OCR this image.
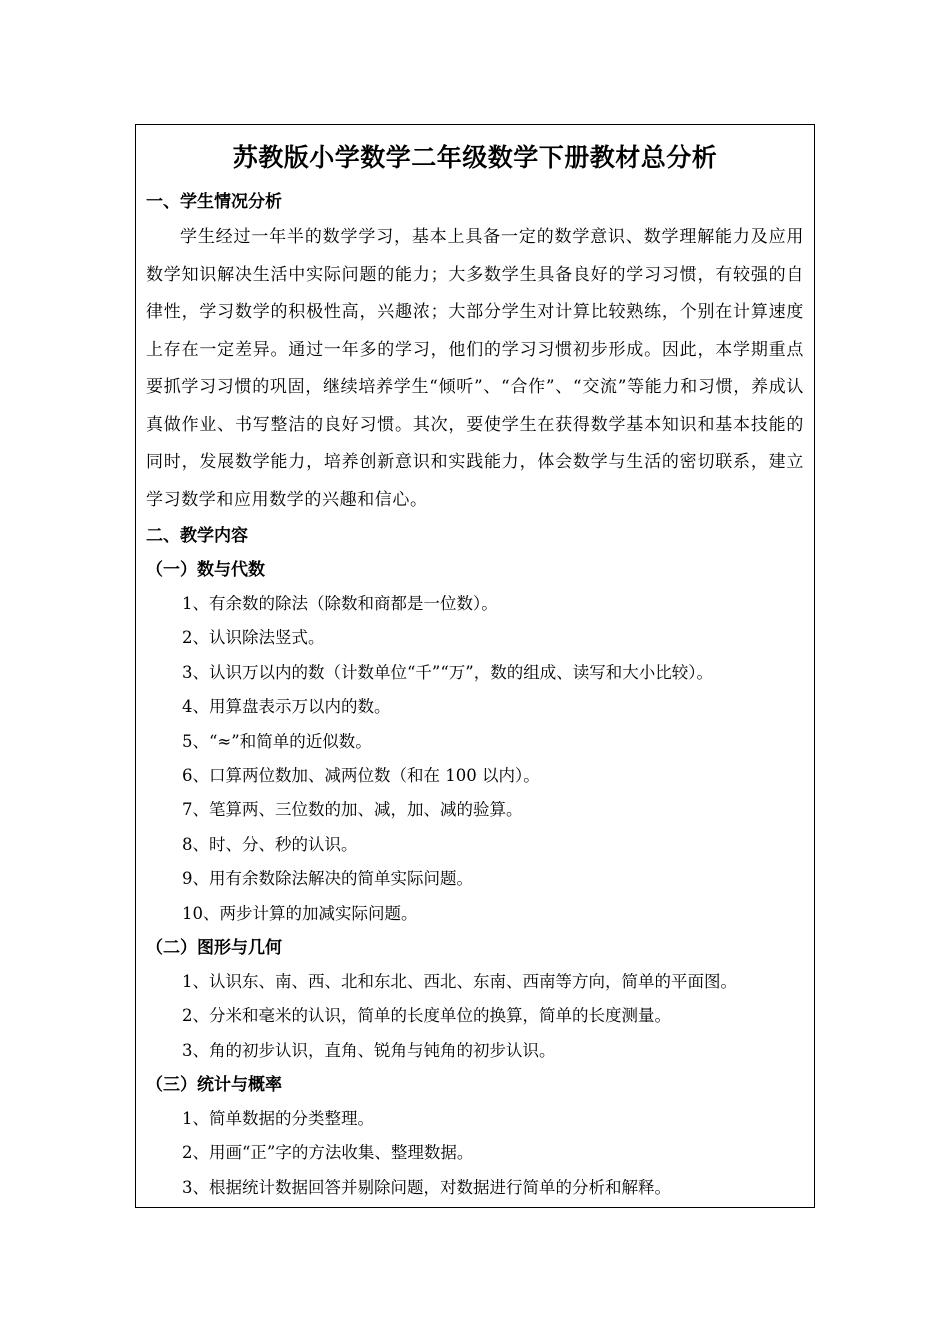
苏教版小学数学二年级数学下册教材总分析
一、学生情况分析

学生经过一年半的数学学习，基本上具备一定的数学意识、数学理解能力及应用数学知识解决生活中实际问题的能力；大多数学生具备良好的学习习惯，有较强的自律性，学习数学的积极性高，兴趣浓；大部分学生对计算比较熟练，个别在计算速度上存在一定差异。通过一年多的学习，他们的学习习惯初步形成。因此，本学期重点要抓学习习惯的巩固，继续培养学生“倾听”、“合作”、“交流”等能力和习惯，养成认真做作业、书写整洁的良好习惯。其次，要使学生在获得数学基本知识和基本技能的同时，发展数学能力，培养创新意识和实践能力，体会数学与生活的密切联系，建立学习数学和应用数学的兴趣和信心。

二、教学内容
（一）数与代数
1、有余数的除法（除数和商都是一位数）。
2、认识除法竖式。
3、认识万以内的数（计数单位“千”“万”，数的组成、读写和大小比较）。
4、用算盘表示万以内的数。
5、“≈”和简单的近似数。
6、口算两位数加、减两位数（和在 100 以内）。
7、笔算两、三位数的加、减，加、减的验算。
8、时、分、秒的认识。
9、用有余数除法解决的简单实际问题。
10、两步计算的加减实际问题。
（二）图形与几何
1、认识东、南、西、北和东北、西北、东南、西南等方向，简单的平面图。
2、分米和毫米的认识，简单的长度单位的换算，简单的长度测量。
3、角的初步认识，直角、锐角与钝角的初步认识。
（三）统计与概率
1、简单数据的分类整理。
2、用画“正”字的方法收集、整理数据。
3、根据统计数据回答并剔除问题，对数据进行简单的分析和解释。
